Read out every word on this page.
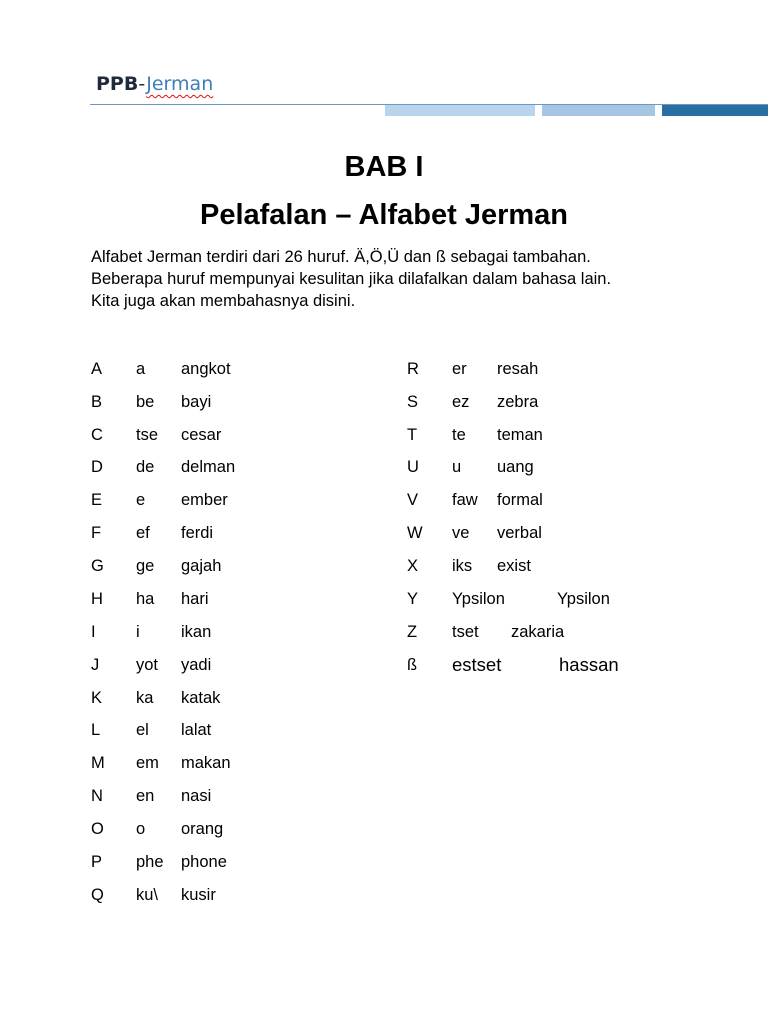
PPB-Jerman
BAB I
Pelafalan – Alfabet Jerman

Alfabet Jerman terdiri dari 26 huruf. Ä,Ö,Ü dan ß sebagai tambahan.

Beberapa huruf mempunyai kesulitan jika dilafalkan dalam bahasa lain.

Kita juga akan membahasnya disini.

A a angkot
B be bayi
C tse cesar
D de delman
E e ember
F ef ferdi
G ge gajah
H ha hari
I i	ikan
J yot yadi
K ka katak
L el lalat
M em makan
N en nasi
O o orang
P phe phone
Q ku\ kusir
R er resah
S ez zebra
T te teman
U u uang
V faw formal
W ve verbal
X iks exist
Y Ypsilon	Ypsilon
Z tset zakaria
ß estset	hassan
